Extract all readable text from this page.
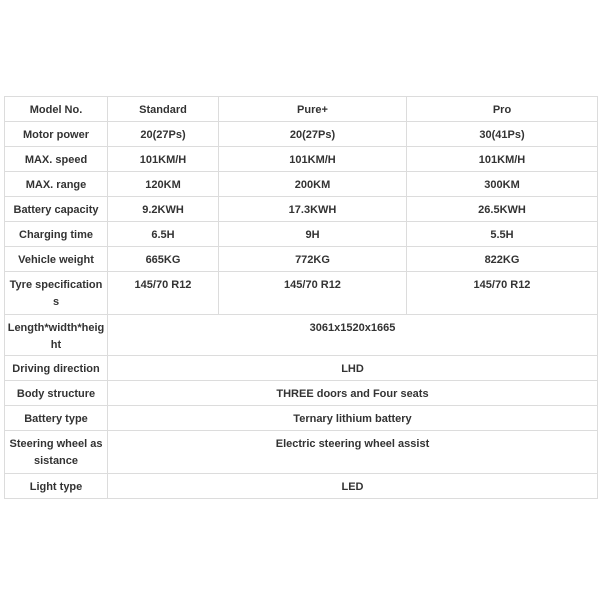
Model No.	Standard	Pure+	Pro
Motor power	20(27Ps)	20(27Ps)	30(41Ps)
MAX. speed	101KM/H	101KM/H	101KM/H
MAX. range	120KM	200KM	300KM
Battery capacity	9.2KWH	17.3KWH	26.5KWH
Charging time	6.5H	9H	5.5H
Vehicle weight	665KG	772KG	822KG
Tyre specifications	145/70 R12	145/70 R12	145/70 R12
Length*width*height	3061x1520x1665		
Driving direction	LHD		
Body structure	THREE doors and Four seats		
Battery type	Ternary lithium battery		
Steering wheel assistance	Electric steering wheel assist		
Light type	LED		
